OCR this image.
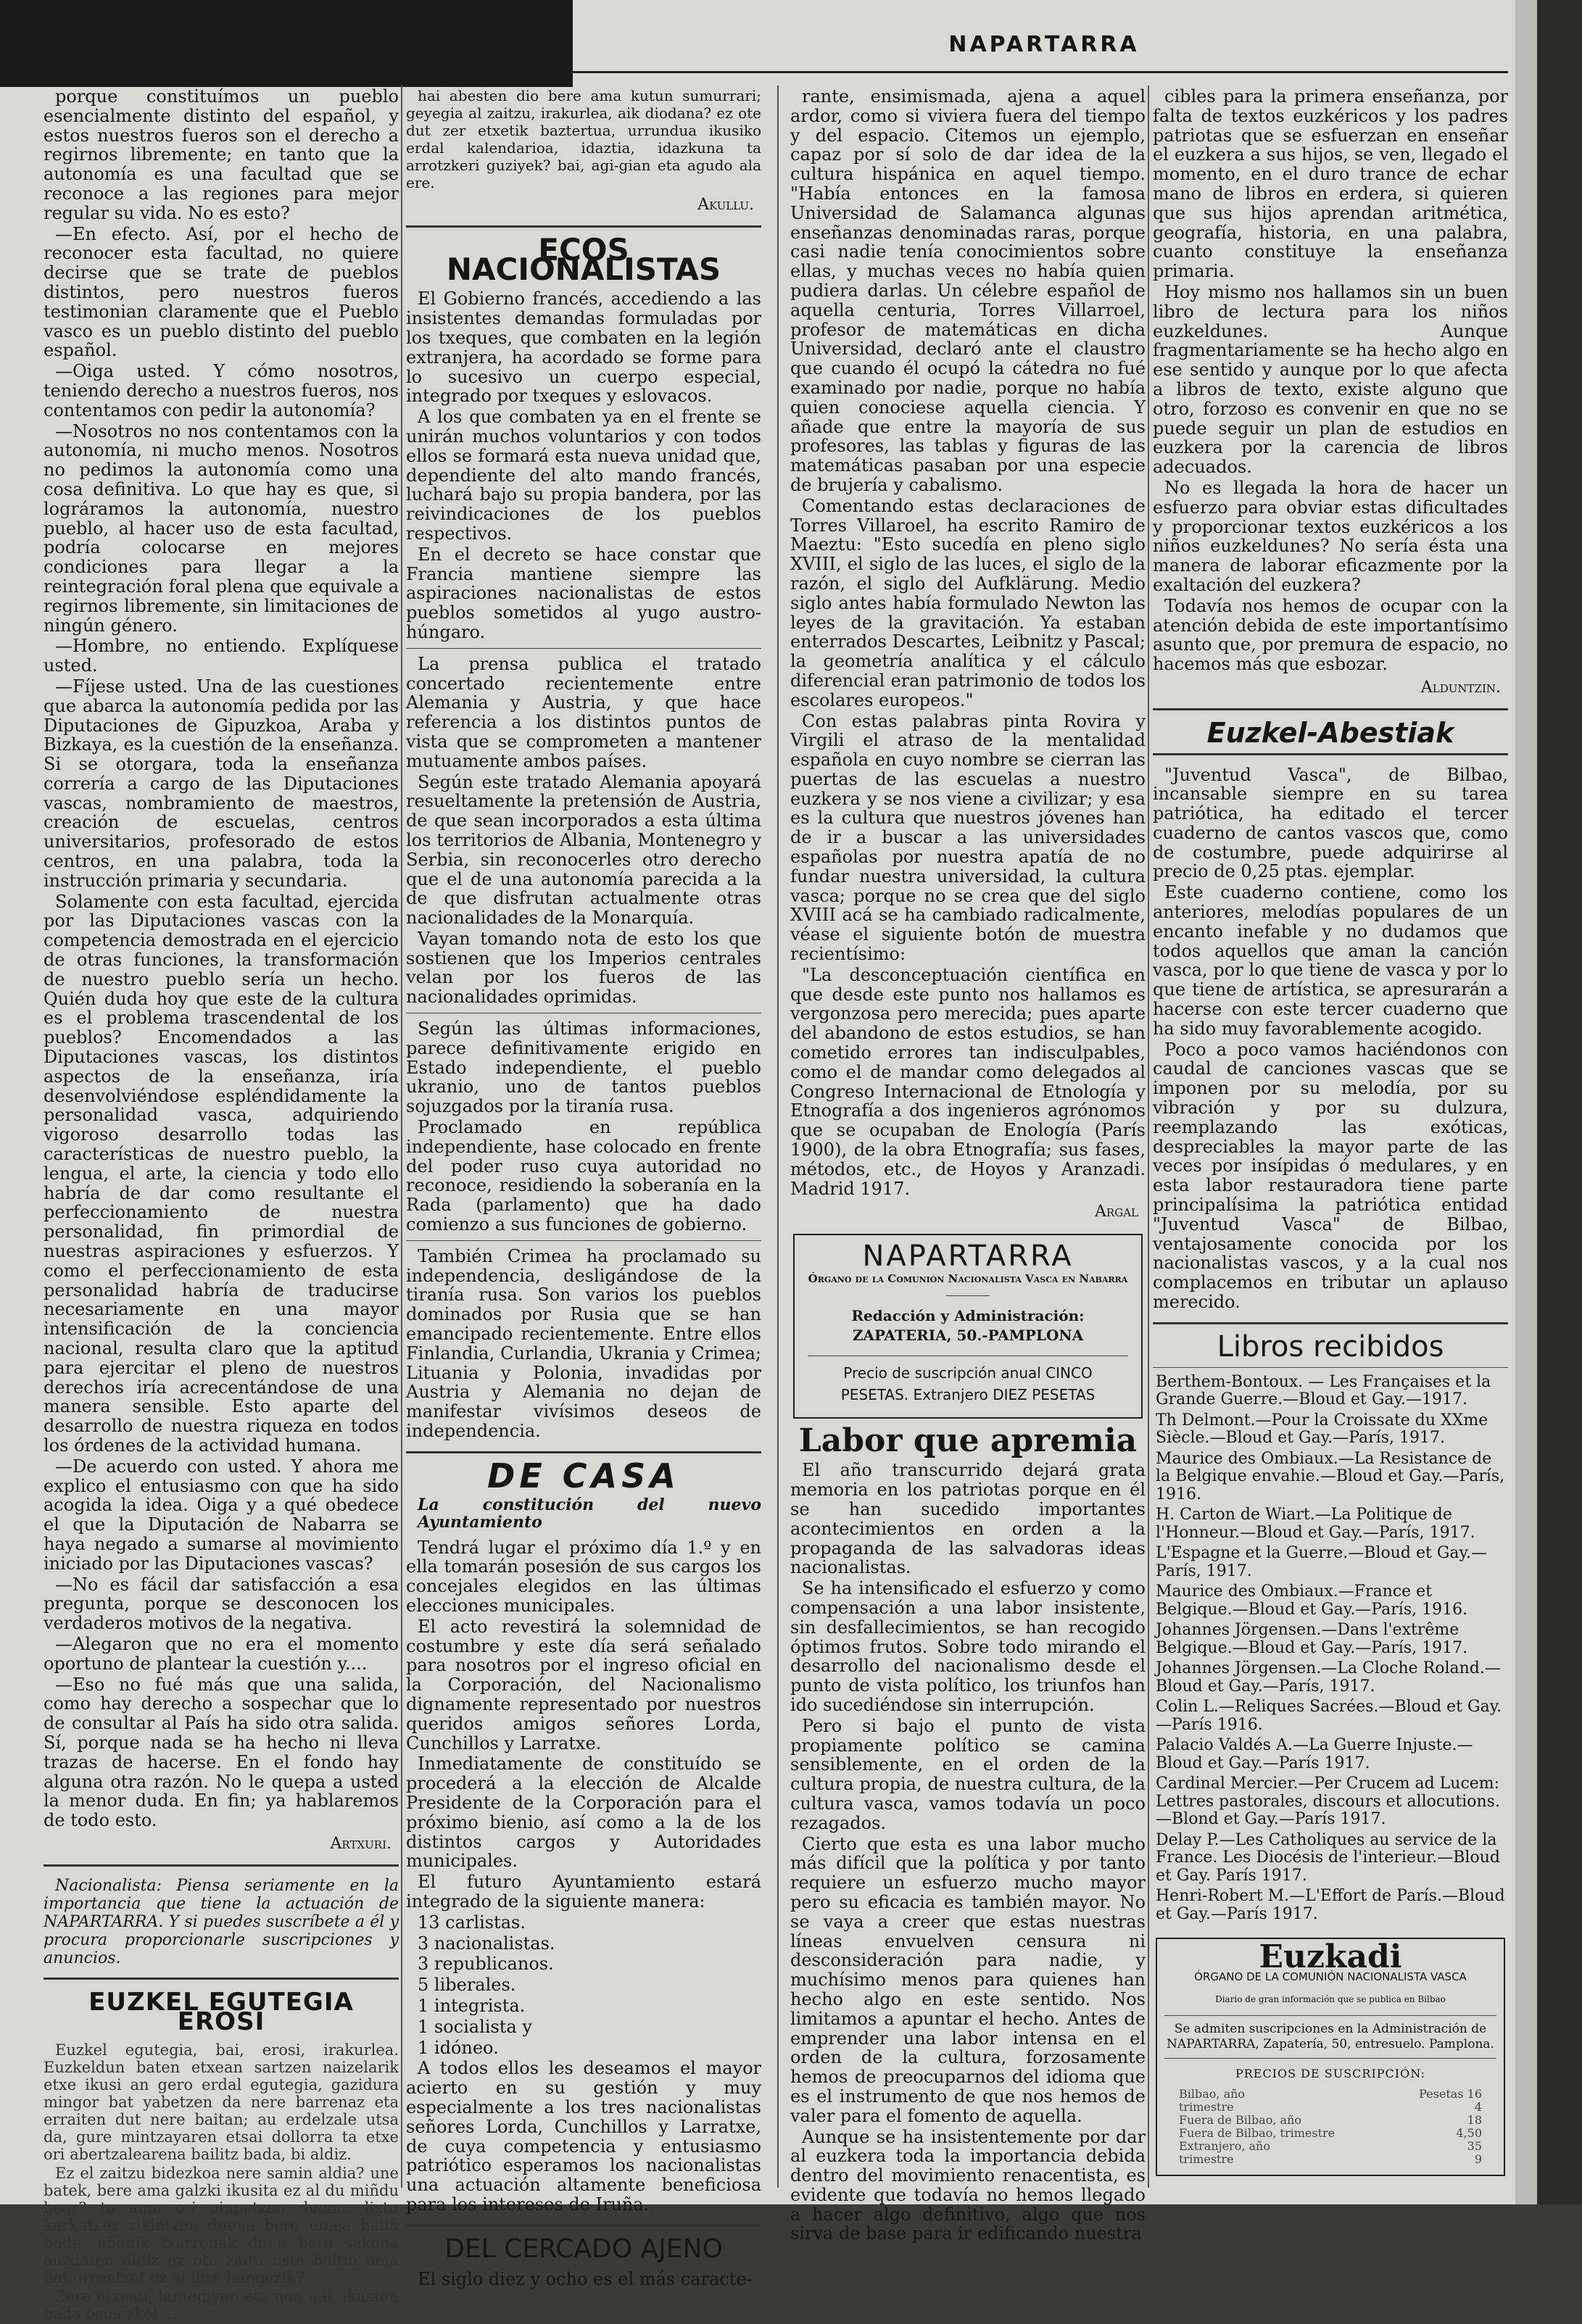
NAPARTARRA

porque constituímos un pueblo esencialmente distinto del español, y estos nuestros fueros son el derecho a regirnos libremente; en tanto que la autonomía es una facultad que se reconoce a las regiones para mejor regular su vida. No es esto?

—En efecto. Así, por el hecho de reconocer esta facultad, no quiere decirse que se trate de pueblos distintos, pero nuestros fueros testimonian claramente que el Pueblo vasco es un pueblo distinto del pueblo español.

—Oiga usted. Y cómo nosotros, teniendo derecho a nuestros fueros, nos contentamos con pedir la autonomía?

—Nosotros no nos contentamos con la autonomía, ni mucho menos. Nosotros no pedimos la autonomía como una cosa definitiva. Lo que hay es que, si lográramos la autonomía, nuestro pueblo, al hacer uso de esta facultad, podría colocarse en mejores condiciones para llegar a la reintegración foral plena que equivale a regirnos libremente, sin limitaciones de ningún género.

—Hombre, no entiendo. Explíquese usted.

—Fíjese usted. Una de las cuestiones que abarca la autonomía pedida por las Diputaciones de Gipuzkoa, Araba y Bizkaya, es la cuestión de la enseñanza. Si se otorgara, toda la enseñanza correría a cargo de las Diputaciones vascas, nombramiento de maestros, creación de escuelas, centros universitarios, profesorado de estos centros, en una palabra, toda la instrucción primaria y secundaria.

Solamente con esta facultad, ejercida por las Diputaciones vascas con la competencia demostrada en el ejercicio de otras funciones, la transformación de nuestro pueblo sería un hecho. Quién duda hoy que este de la cultura es el problema trascendental de los pueblos? Encomendados a las Diputaciones vascas, los distintos aspectos de la enseñanza, iría desenvolviéndose espléndidamente la personalidad vasca, adquiriendo vigoroso desarrollo todas las características de nuestro pueblo, la lengua, el arte, la ciencia y todo ello habría de dar como resultante el perfeccionamiento de nuestra personalidad, fin primordial de nuestras aspiraciones y esfuerzos. Y como el perfeccionamiento de esta personalidad habría de traducirse necesariamente en una mayor intensificación de la conciencia nacional, resulta claro que la aptitud para ejercitar el pleno de nuestros derechos iría acrecentándose de una manera sensible. Esto aparte del desarrollo de nuestra riqueza en todos los órdenes de la actividad humana.

—De acuerdo con usted. Y ahora me explico el entusiasmo con que ha sido acogida la idea. Oiga y a qué obedece el que la Diputación de Nabarra se haya negado a sumarse al movimiento iniciado por las Diputaciones vascas?

—No es fácil dar satisfacción a esa pregunta, porque se desconocen los verdaderos motivos de la negativa.

—Alegaron que no era el momento oportuno de plantear la cuestión y....

—Eso no fué más que una salida, como hay derecho a sospechar que lo de consultar al País ha sido otra salida. Sí, porque nada se ha hecho ni lleva trazas de hacerse. En el fondo hay alguna otra razón. No le quepa a usted la menor duda. En fin; ya hablaremos de todo esto.

Artxuri.

Nacionalista: Piensa seriamente en la importancia que tiene la actuación de NAPARTARRA. Y si puedes suscríbete a él y procura proporcionarle suscripciones y anuncios.

EUZKEL EGUTEGIA EROSI

Euzkel egutegia, bai, erosi, irakurlea. Euzkeldun baten etxean sartzen naizelarik etxe ikusi an gero erdal egutegia, gazidura mingor bat yabetzen da nere barrenaz eta erraiten dut nere baitan; au erdelzale utsa da, gure mintzayaren etsai dollorra ta etxe ori abertzalearena bailitz bada, bi aldiz.

Ez el zaitzu bidezkoa nere samin aldia? une batek, bere ama galzki ikusita ez al du miñdu bear? ta ama ori oinpetzen duena, lixtu karkatxez zikintzen duena bere umea baliñ bada, añenik txarrenak duen bere sakona auzdaten aldiz ez ote zaitu uste baltin ama bat orrentzat ez al dire laingezik?

Zere etxean, lantegiyan eta non nai, ikusten bada osinezkel ...

hai abesten dio bere ama kutun sumurrari; geyegia al zaitzu, irakurlea, aik diodana? ez ote dut zer etxetik baztertua, urrundua ikusiko erdal kalendarioa, idaztia, idazkuna ta arrotzkeri guziyek? bai, agi-gian eta agudo ala ere.

Akullu.
ECOS NACIONALISTAS

El Gobierno francés, accediendo a las insistentes demandas formuladas por los txeques, que combaten en la legión extranjera, ha acordado se forme para lo sucesivo un cuerpo especial, integrado por txeques y eslovacos.

A los que combaten ya en el frente se unirán muchos voluntarios y con todos ellos se formará esta nueva unidad que, dependiente del alto mando francés, luchará bajo su propia bandera, por las reivindicaciones de los pueblos respectivos.

En el decreto se hace constar que Francia mantiene siempre las aspiraciones nacionalistas de estos pueblos sometidos al yugo austro-húngaro.

La prensa publica el tratado concertado recientemente entre Alemania y Austria, y que hace referencia a los distintos puntos de vista que se comprometen a mantener mutuamente ambos países.

Según este tratado Alemania apoyará resueltamente la pretensión de Austria, de que sean incorporados a esta última los territorios de Albania, Montenegro y Serbia, sin reconocerles otro derecho que el de una autonomía parecida a la de que disfrutan actualmente otras nacionalidades de la Monarquía.

Vayan tomando nota de esto los que sostienen que los Imperios centrales velan por los fueros de las nacionalidades oprimidas.

Según las últimas informaciones, parece definitivamente erigido en Estado independiente, el pueblo ukranio, uno de tantos pueblos sojuzgados por la tiranía rusa.

Proclamado en república independiente, hase colocado en frente del poder ruso cuya autoridad no reconoce, residiendo la soberanía en la Rada (parlamento) que ha dado comienzo a sus funciones de gobierno.

También Crimea ha proclamado su independencia, desligándose de la tiranía rusa. Son varios los pueblos dominados por Rusia que se han emancipado recientemente. Entre ellos Finlandia, Curlandia, Ukrania y Crimea; Lituania y Polonia, invadidas por Austria y Alemania no dejan de manifestar vivísimos deseos de independencia.

DE CASA
La constitución del nuevo Ayuntamiento

Tendrá lugar el próximo día 1.º y en ella tomarán posesión de sus cargos los concejales elegidos en las últimas elecciones municipales.

El acto revestirá la solemnidad de costumbre y este día será señalado para nosotros por el ingreso oficial en la Corporación, del Nacionalismo dignamente representado por nuestros queridos amigos señores Lorda, Cunchillos y Larratxe.

Inmediatamente de constituído se procederá a la elección de Alcalde Presidente de la Corporación para el próximo bienio, así como a la de los distintos cargos y Autoridades municipales.

El futuro Ayuntamiento estará integrado de la siguiente manera:

13 carlistas.

3 nacionalistas.

3 republicanos.

5 liberales.

1 integrista.

1 socialista y

1 idóneo.

A todos ellos les deseamos el mayor acierto en su gestión y muy especialmente a los tres nacionalistas señores Lorda, Cunchillos y Larratxe, de cuya competencia y entusiasmo patriótico esperamos los nacionalistas una actuación altamente beneficiosa para los intereses de Iruña.

DEL CERCADO AJENO

El siglo diez y ocho es el más caracte-

rante, ensimismada, ajena a aquel ardor, como si viviera fuera del tiempo y del espacio. Citemos un ejemplo, capaz por sí solo de dar idea de la cultura hispánica en aquel tiempo. "Había entonces en la famosa Universidad de Salamanca algunas enseñanzas denominadas raras, porque casi nadie tenía conocimientos sobre ellas, y muchas veces no había quien pudiera darlas. Un célebre español de aquella centuria, Torres Villarroel, profesor de matemáticas en dicha Universidad, declaró ante el claustro que cuando él ocupó la cátedra no fué examinado por nadie, porque no había quien conociese aquella ciencia. Y añade que entre la mayoría de sus profesores, las tablas y figuras de las matemáticas pasaban por una especie de brujería y cabalismo.

Comentando estas declaraciones de Torres Villaroel, ha escrito Ramiro de Maeztu: "Esto sucedía en pleno siglo XVIII, el siglo de las luces, el siglo de la razón, el siglo del Aufklärung. Medio siglo antes había formulado Newton las leyes de la gravitación. Ya estaban enterrados Descartes, Leibnitz y Pascal; la geometría analítica y el cálculo diferencial eran patrimonio de todos los escolares europeos."

Con estas palabras pinta Rovira y Virgili el atraso de la mentalidad española en cuyo nombre se cierran las puertas de las escuelas a nuestro euzkera y se nos viene a civilizar; y esa es la cultura que nuestros jóvenes han de ir a buscar a las universidades españolas por nuestra apatía de no fundar nuestra universidad, la cultura vasca; porque no se crea que del siglo XVIII acá se ha cambiado radicalmente, véase el siguiente botón de muestra recientísimo:

"La desconceptuación científica en que desde este punto nos hallamos es vergonzosa pero merecida; pues aparte del abandono de estos estudios, se han cometido errores tan indisculpables, como el de mandar como delegados al Congreso Internacional de Etnología y Etnografía a dos ingenieros agrónomos que se ocupaban de Enología (París 1900), de la obra Etnografía; sus fases, métodos, etc., de Hoyos y Aranzadi. Madrid 1917.

Argal
NAPARTARRA
Órgano de la Comunión Nacionalista Vasca en Nabarra
Redacción y Administración:
ZAPATERIA, 50.-PAMPLONA
Precio de suscripción anual CINCO PESETAS. Extranjero DIEZ PESETAS
Labor que apremia

El año transcurrido dejará grata memoria en los patriotas porque en él se han sucedido importantes acontecimientos en orden a la propaganda de las salvadoras ideas nacionalistas.

Se ha intensificado el esfuerzo y como compensación a una labor insistente, sin desfallecimientos, se han recogido óptimos frutos. Sobre todo mirando el desarrollo del nacionalismo desde el punto de vista político, los triunfos han ido sucediéndose sin interrupción.

Pero si bajo el punto de vista propiamente político se camina sensiblemente, en el orden de la cultura propia, de nuestra cultura, de la cultura vasca, vamos todavía un poco rezagados.

Cierto que esta es una labor mucho más difícil que la política y por tanto requiere un esfuerzo mucho mayor pero su eficacia es también mayor. No se vaya a creer que estas nuestras líneas envuelven censura ni desconsideración para nadie, y muchísimo menos para quienes han hecho algo en este sentido. Nos limitamos a apuntar el hecho. Antes de emprender una labor intensa en el orden de la cultura, forzosamente hemos de preocuparnos del idioma que es el instrumento de que nos hemos de valer para el fomento de aquella.

Aunque se ha insistentemente por dar al euzkera toda la importancia debida dentro del movimiento renacentista, es evidente que todavía no hemos llegado a hacer algo definitivo, algo que nos sirva de base para ir edificando nuestra

cibles para la primera enseñanza, por falta de textos euzkéricos y los padres patriotas que se esfuerzan en enseñar el euzkera a sus hijos, se ven, llegado el momento, en el duro trance de echar mano de libros en erdera, si quieren que sus hijos aprendan aritmética, geografía, historia, en una palabra, cuanto constituye la enseñanza primaria.

Hoy mismo nos hallamos sin un buen libro de lectura para los niños euzkeldunes. Aunque fragmentariamente se ha hecho algo en ese sentido y aunque por lo que afecta a libros de texto, existe alguno que otro, forzoso es convenir en que no se puede seguir un plan de estudios en euzkera por la carencia de libros adecuados.

No es llegada la hora de hacer un esfuerzo para obviar estas dificultades y proporcionar textos euzkéricos a los niños euzkeldunes? No sería ésta una manera de laborar eficazmente por la exaltación del euzkera?

Todavía nos hemos de ocupar con la atención debida de este importantísimo asunto que, por premura de espacio, no hacemos más que esbozar.

Alduntzin.
Euzkel-Abestiak

"Juventud Vasca", de Bilbao, incansable siempre en su tarea patriótica, ha editado el tercer cuaderno de cantos vascos que, como de costumbre, puede adquirirse al precio de 0,25 ptas. ejemplar.

Este cuaderno contiene, como los anteriores, melodías populares de un encanto inefable y no dudamos que todos aquellos que aman la canción vasca, por lo que tiene de vasca y por lo que tiene de artística, se apresurarán a hacerse con este tercer cuaderno que ha sido muy favorablemente acogido.

Poco a poco vamos haciéndonos con caudal de canciones vascas que se imponen por su melodía, por su vibración y por su dulzura, reemplazando las exóticas, despreciables la mayor parte de las veces por insípidas ó medulares, y en esta labor restauradora tiene parte principalísima la patriótica entidad "Juventud Vasca" de Bilbao, ventajosamente conocida por los nacionalistas vascos, y a la cual nos complacemos en tributar un aplauso merecido.

Libros recibidos

Berthem-Bontoux. — Les Françaises et la Grande Guerre.—Bloud et Gay.—1917.

Th Delmont.—Pour la Croissate du XXme Siècle.—Bloud et Gay.—París, 1917.

Maurice des Ombiaux.—La Resistance de la Belgique envahie.—Bloud et Gay.—París, 1916.

H. Carton de Wiart.—La Politique de l'Honneur.—Bloud et Gay.—París, 1917.

L'Espagne et la Guerre.—Bloud et Gay.—París, 1917.

Maurice des Ombiaux.—France et Belgique.—Bloud et Gay.—París, 1916.

Johannes Jörgensen.—Dans l'extrême Belgique.—Bloud et Gay.—París, 1917.

Johannes Jörgensen.—La Cloche Roland.—Bloud et Gay.—París, 1917.

Colin L.—Reliques Sacrées.—Bloud et Gay.—París 1916.

Palacio Valdés A.—La Guerre Injuste.—Bloud et Gay.—París 1917.

Cardinal Mercier.—Per Crucem ad Lucem: Lettres pastorales, discours et allocutions.—Blond et Gay.—París 1917.

Delay P.—Les Catholiques au service de la France. Les Diocésis de l'interieur.—Bloud et Gay. París 1917.

Henri-Robert M.—L'Effort de París.—Bloud et Gay.—París 1917.

Euzkadi
ÓRGANO DE LA COMUNIÓN NACIONALISTA VASCA
Diario de gran información que se publica en Bilbao
Se admiten suscripciones en la Administración de NAPARTARRA, Zapatería, 50, entresuelo. Pamplona.
PRECIOS DE SUSCRIPCIÓN:
Bilbao, año	Pesetas 16
trimestre	4
Fuera de Bilbao, año	18
Fuera de Bilbao, trimestre	4,50
Extranjero, año	35
trimestre	9
